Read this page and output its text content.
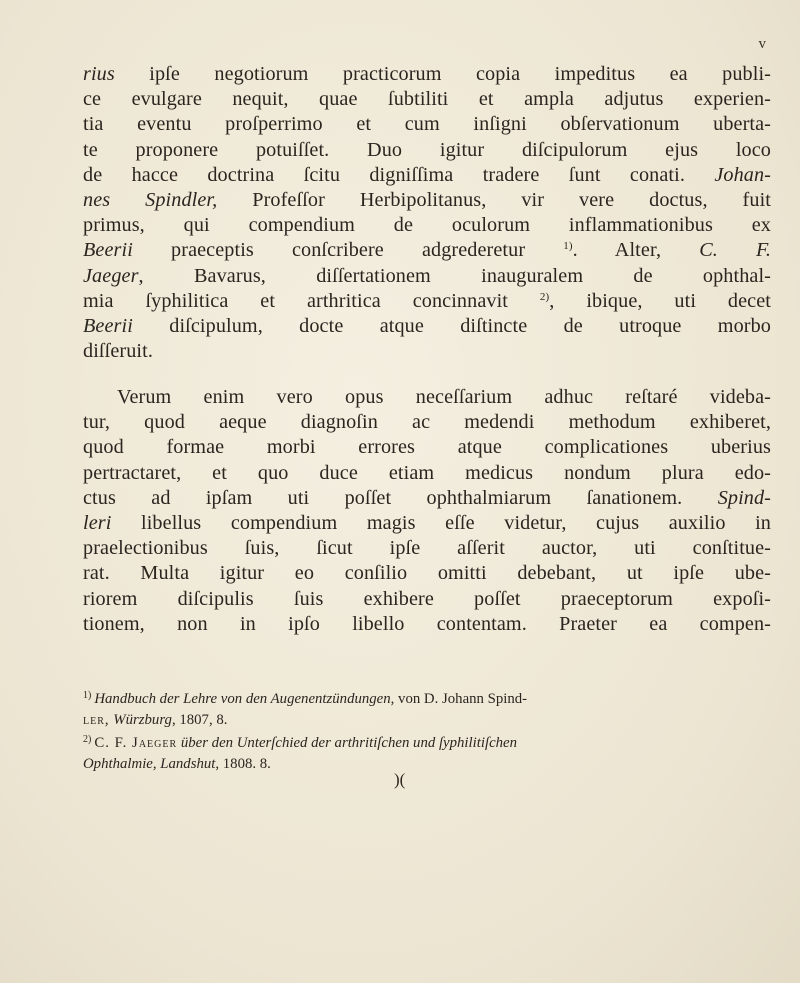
v
rius ipſe negotiorum practicorum copia impeditus ea publi-
ce evulgare nequit, quae ſubtiliti et ampla adjutus experien-
tia eventu proſperrimo et cum inſigni obſervationum uberta-
te proponere potuiſſet. Duo igitur diſcipulorum ejus loco
de hacce doctrina ſcitu digniſſima tradere ſunt conati. Johan-
nes Spindler, Profeſſor Herbipolitanus, vir vere doctus, fuit
primus, qui compendium de oculorum inflammationibus ex
Beerii praeceptis conſcribere adgrederetur	$^{1)}$. Alter, C. F.
Jaeger, Bavarus, diſſertationem inauguralem de ophthal-
mia ſyphilitica et arthritica concinnavit	$^{2)}$, ibique, uti decet
Beerii diſcipulum, docte atque diſtincte de utroque morbo
diſſeruit.
Verum enim vero opus neceſſarium adhuc reſtaré videba-
tur, quod aeque diagnoſin ac medendi methodum exhiberet,
quod formae morbi errores atque complicationes uberius
pertractaret, et quo duce etiam medicus nondum plura edo-
ctus ad ipſam uti poſſet ophthalmiarum ſanationem. Spind-
leri libellus compendium magis eſſe videtur, cujus auxilio in
praelectionibus ſuis, ſicut ipſe aſſerit auctor, uti conſtitue-
rat. Multa igitur eo conſilio omitti debebant, ut ipſe ube-
riorem diſcipulis ſuis exhibere poſſet praeceptorum expoſi-
tionem, non in ipſo libello contentam. Praeter ea compen-
$^{1)}$ Handbuch der Lehre von den Augenentzündungen, von D. Johann Spind-
ler, Würzburg, 1807, 8.
$^{2)}$ C. F. Jaeger über den Unterſchied der arthritiſchen und ſyphilitiſchen
Ophthalmie, Landshut, 1808. 8.
)(
